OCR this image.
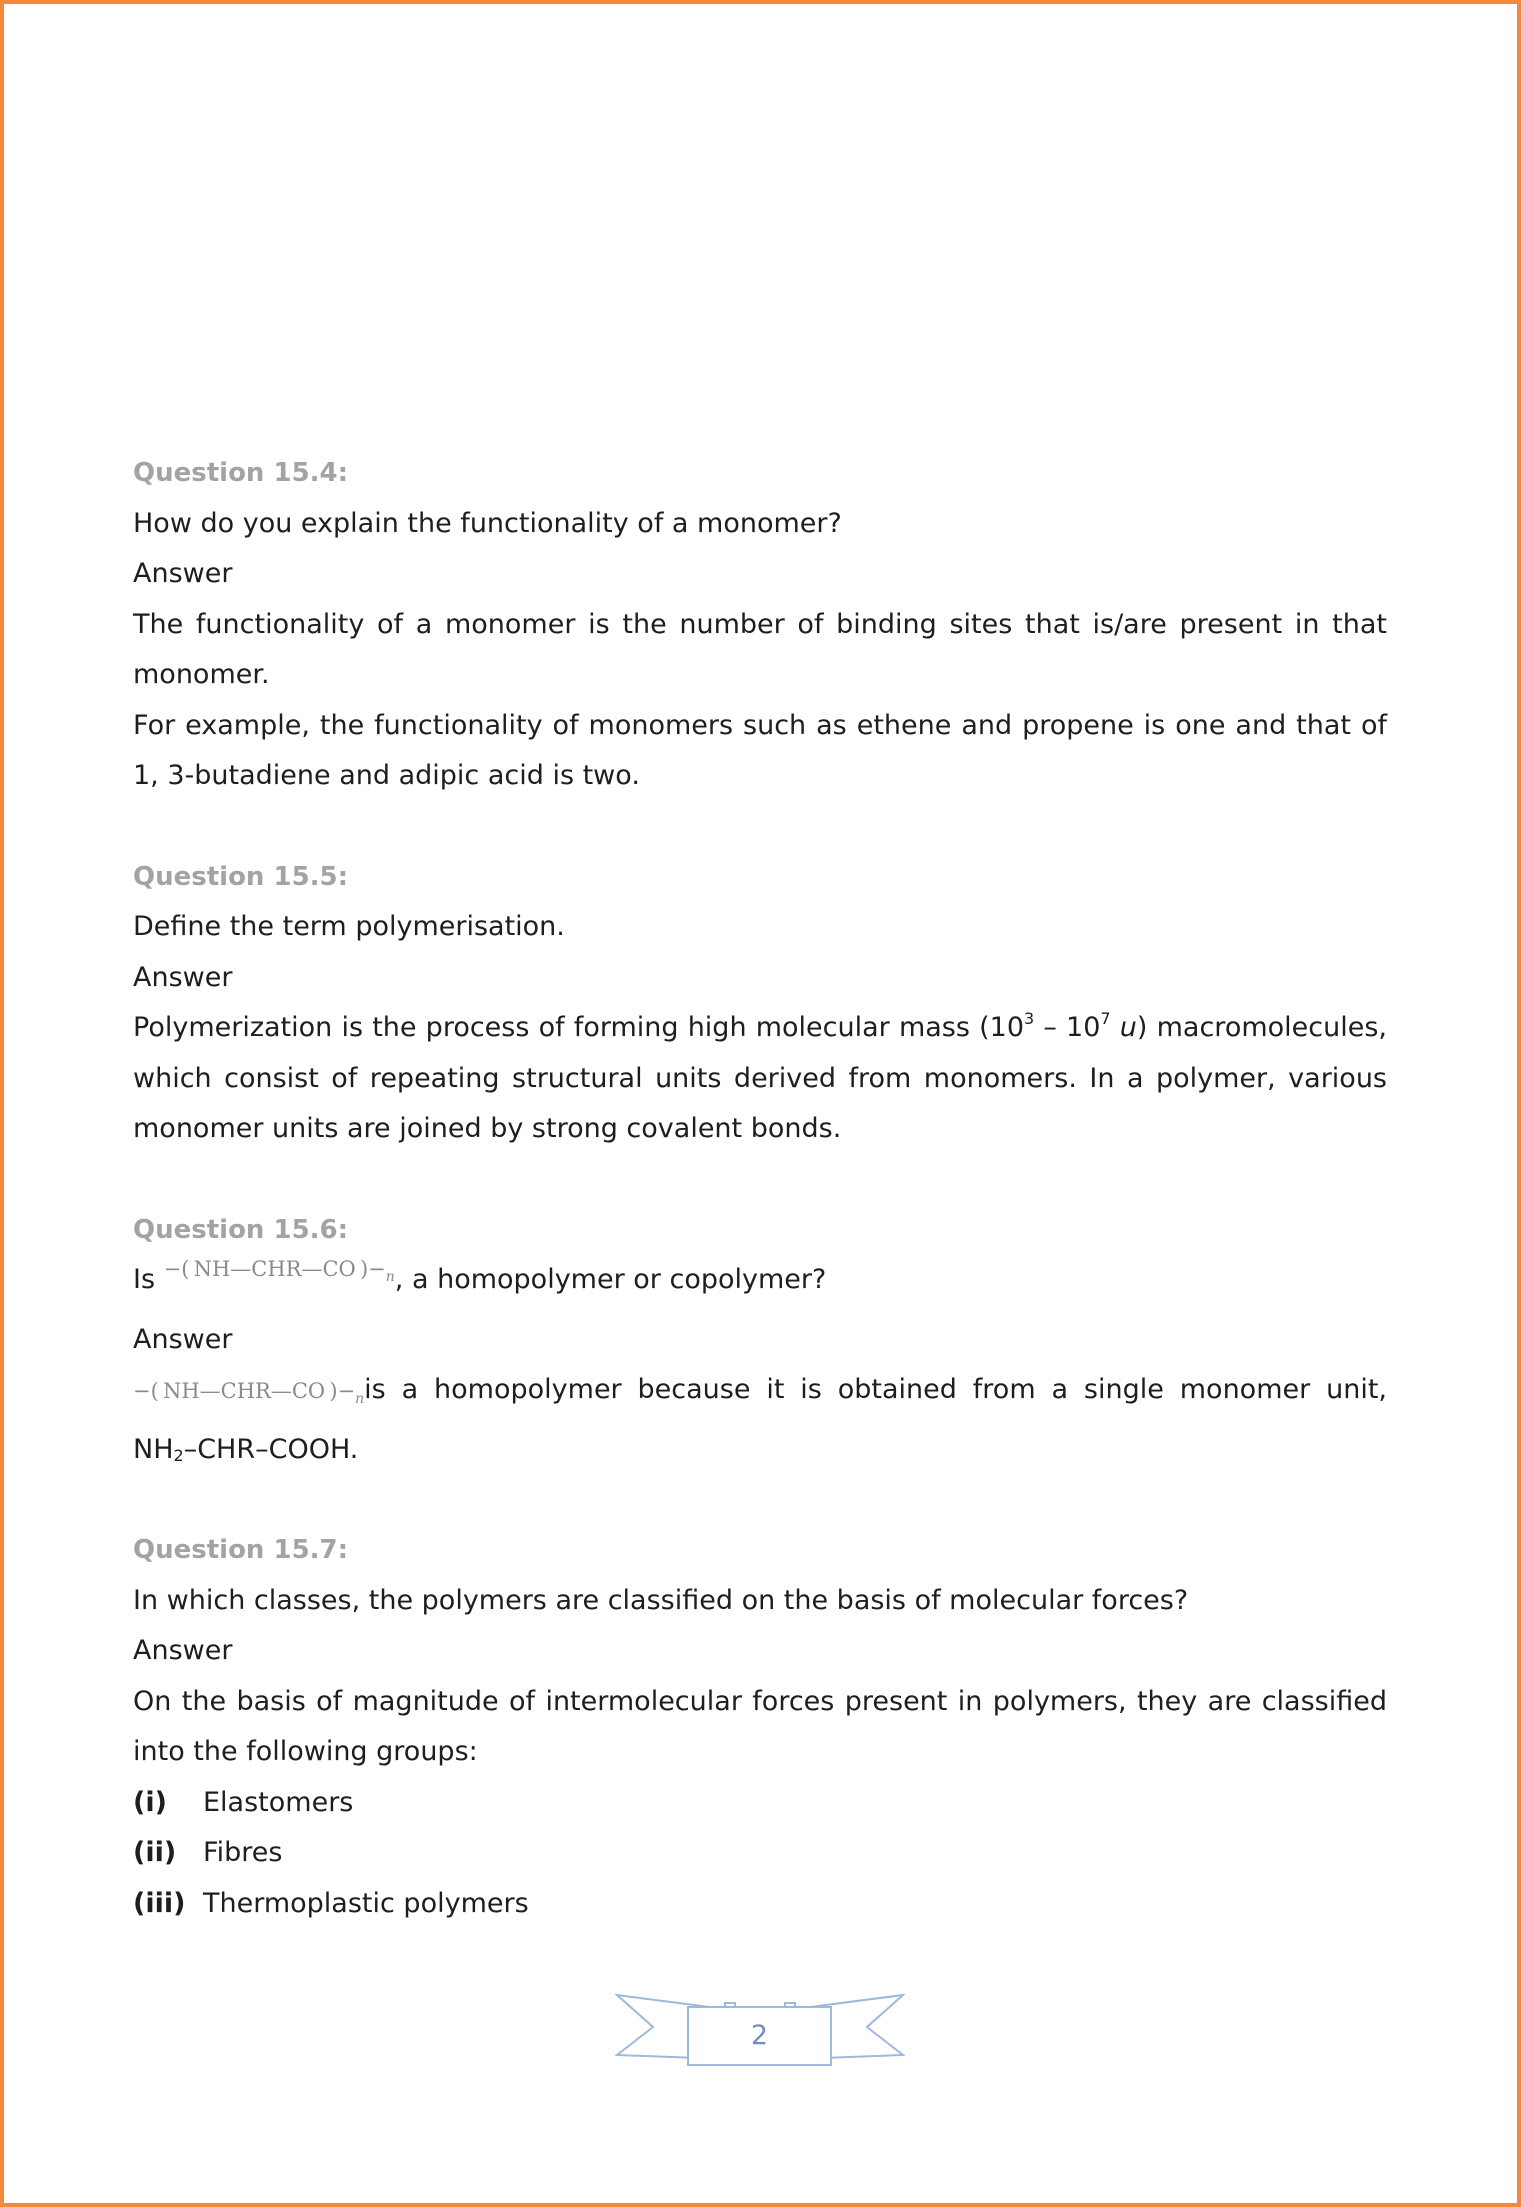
Question 15.4:
How do you explain the functionality of a monomer?
Answer
The functionality of a monomer is the number of binding sites that is/are present in that monomer.
For example, the functionality of monomers such as ethene and propene is one and that of 1, 3-butadiene and adipic acid is two.
Question 15.5:
Define the term polymerisation.
Answer
Polymerization is the process of forming high molecular mass ($10^3 - 10^7$ u) macromolecules, which consist of repeating structural units derived from monomers. In a polymer, various monomer units are joined by strong covalent bonds.
Question 15.6:
Is $^{-( NH—CHR—CO )-_n}$, a homopolymer or copolymer?
Answer
−( NH—CHR—CO )$-_nis$ a homopolymer because it is obtained from a single monomer unit,
$NH_2-CHR$–COOH.
Question 15.7:
In which classes, the polymers are classified on the basis of molecular forces?
Answer
On the basis of magnitude of intermolecular forces present in polymers, they are classified into the following groups:
(i)	Elastomers
(ii) Fibres
(iii) Thermoplastic polymers
2
